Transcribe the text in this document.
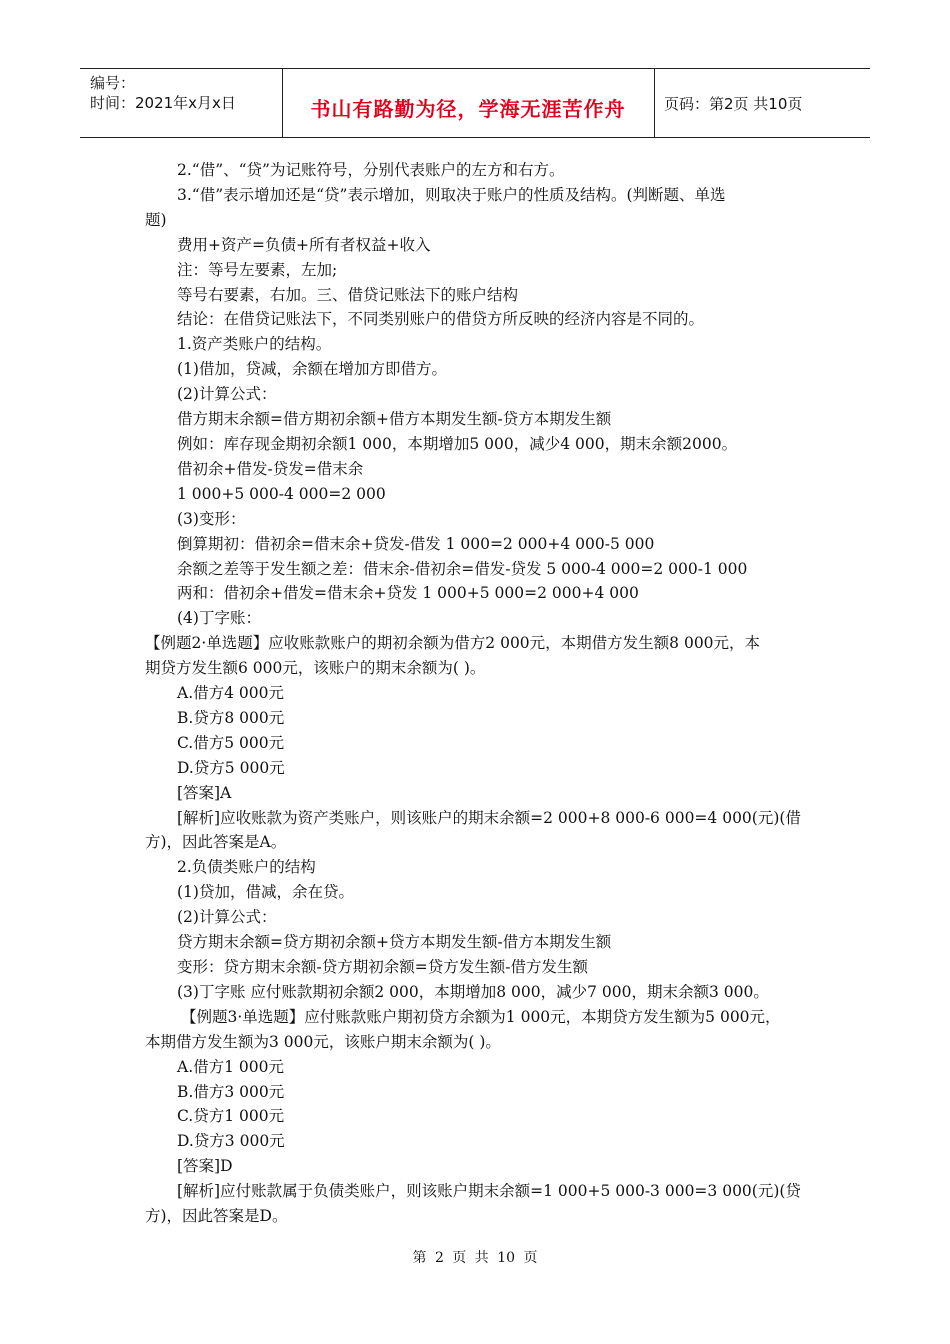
编号：
时间：2021年x月x日	书山有路勤为径，学海无涯苦作舟	页码：第2页 共10页
2.“借”、“贷”为记账符号，分别代表账户的左方和右方。
3.“借”表示增加还是“贷”表示增加，则取决于账户的性质及结构。(判断题、单选
题)
费用+资产=负债+所有者权益+收入
注：等号左要素，左加;
等号右要素，右加。三、借贷记账法下的账户结构
结论：在借贷记账法下，不同类别账户的借贷方所反映的经济内容是不同的。
1.资产类账户的结构。
(1)借加，贷减，余额在增加方即借方。
(2)计算公式：
借方期末余额=借方期初余额+借方本期发生额-贷方本期发生额
例如：库存现金期初余额1 000，本期增加5 000，减少4 000，期末余额2000。
借初余+借发-贷发=借末余
1 000+5 000-4 000=2 000
(3)变形：
倒算期初：借初余=借末余+贷发-借发 1 000=2 000+4 000-5 000
余额之差等于发生额之差：借末余-借初余=借发-贷发 5 000-4 000=2 000-1 000
两和：借初余+借发=借末余+贷发 1 000+5 000=2 000+4 000
(4)丁字账：
【例题2·单选题】应收账款账户的期初余额为借方2 000元，本期借方发生额8 000元，本
期贷方发生额6 000元，该账户的期末余额为( )。
A.借方4 000元
B.贷方8 000元
C.借方5 000元
D.贷方5 000元
[答案]A
[解析]应收账款为资产类账户，则该账户的期末余额=2 000+8 000-6 000=4 000(元)(借
方)，因此答案是A。
2.负债类账户的结构
(1)贷加，借减，余在贷。
(2)计算公式：
贷方期末余额=贷方期初余额+贷方本期发生额-借方本期发生额
变形：贷方期末余额-贷方期初余额=贷方发生额-借方发生额
(3)丁字账 应付账款期初余额2 000，本期增加8 000，减少7 000，期末余额3 000。
【例题3·单选题】应付账款账户期初贷方余额为1 000元，本期贷方发生额为5 000元，
本期借方发生额为3 000元，该账户期末余额为( )。
A.借方1 000元
B.借方3 000元
C.贷方1 000元
D.贷方3 000元
[答案]D
[解析]应付账款属于负债类账户，则该账户期末余额=1 000+5 000-3 000=3 000(元)(贷
方)，因此答案是D。
第 2 页 共 10 页
